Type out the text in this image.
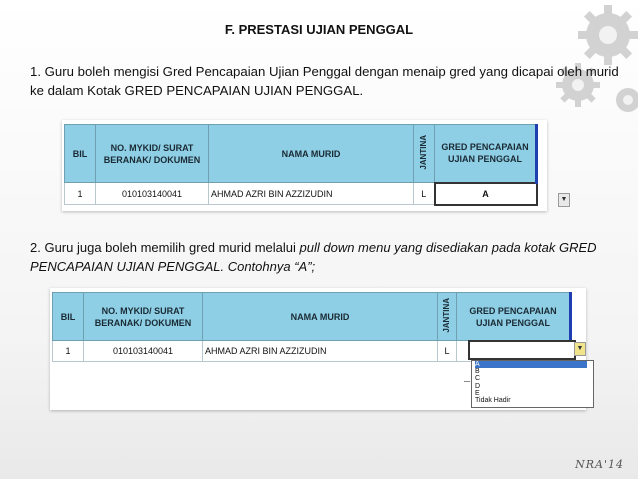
F. PRESTASI UJIAN PENGGAL
1. Guru boleh mengisi Gred Pencapaian Ujian Penggal dengan menaip gred yang dicapai oleh murid ke dalam Kotak GRED PENCAPAIAN UJIAN PENGGAL.
BIL	NO. MYKID/ SURAT BERANAK/ DOKUMEN	NAMA MURID	JANTINA	GRED PENCAPAIAN UJIAN PENGGAL
1	010103140041	AHMAD AZRI BIN AZZIZUDIN	L	A
▼
2. Guru juga boleh memilih gred murid melalui pull down menu yang disediakan pada kotak GRED PENCAPAIAN UJIAN PENGGAL. Contohnya “A”;
BIL	NO. MYKID/ SURAT BERANAK/ DOKUMEN	NAMA MURID	JANTINA	GRED PENCAPAIAN UJIAN PENGGAL
1	010103140041	AHMAD AZRI BIN AZZIZUDIN	L		▼
A
B
C
D
E
Tidak Hadir
NRA'14
